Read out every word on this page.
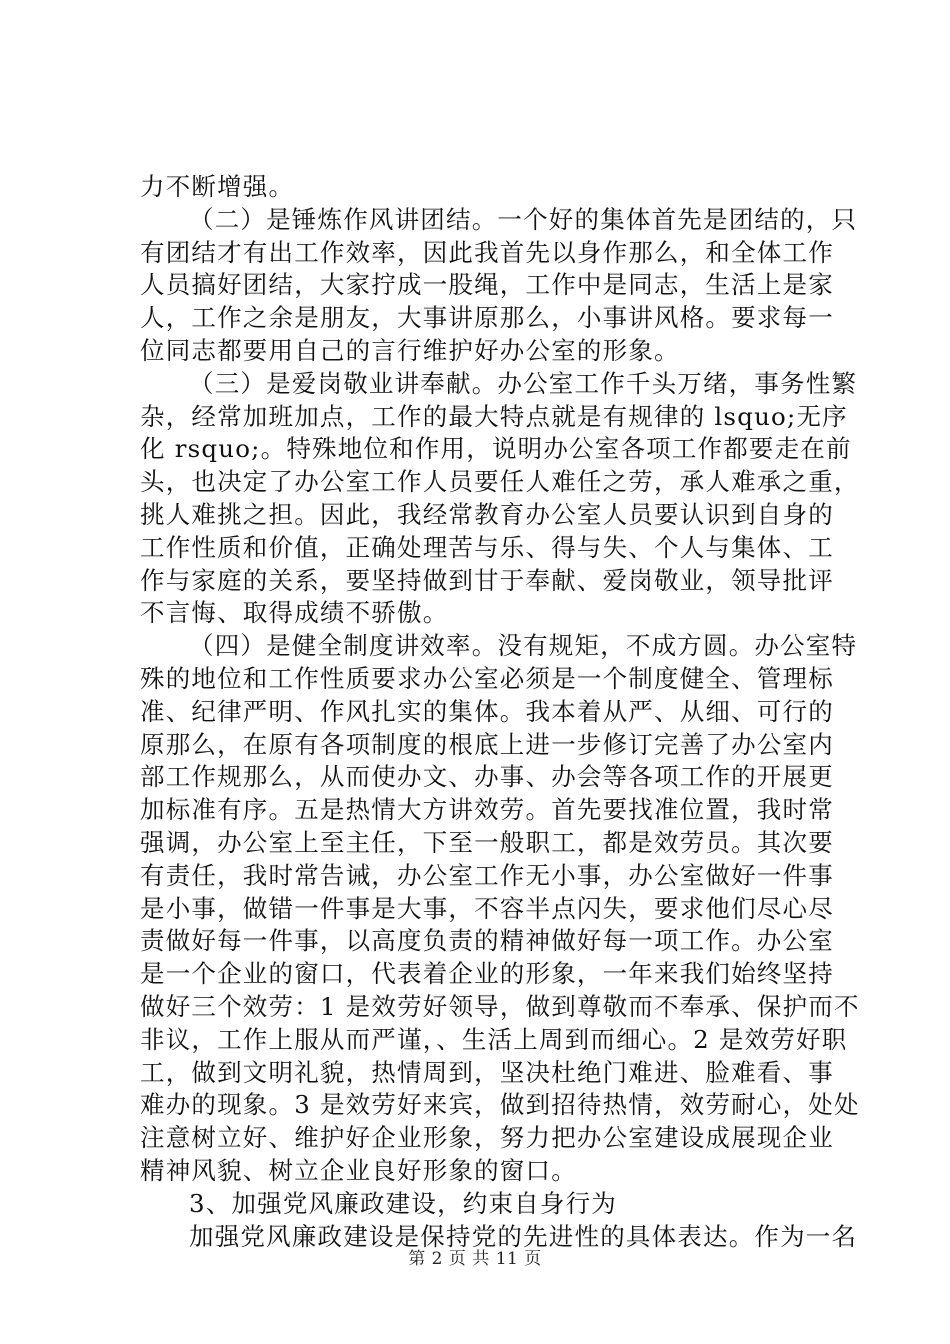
力不断增强。
（二）是锤炼作风讲团结。一个好的集体首先是团结的，只
有团结才有出工作效率，因此我首先以身作那么，和全体工作
人员搞好团结，大家拧成一股绳，工作中是同志，生活上是家
人，工作之余是朋友，大事讲原那么，小事讲风格。要求每一
位同志都要用自己的言行维护好办公室的形象。
（三）是爱岗敬业讲奉献。办公室工作千头万绪，事务性繁
杂，经常加班加点，工作的最大特点就是有规律的 lsquo;无序
化 rsquo;。特殊地位和作用，说明办公室各项工作都要走在前
头，也决定了办公室工作人员要任人难任之劳，承人难承之重，
挑人难挑之担。因此，我经常教育办公室人员要认识到自身的
工作性质和价值，正确处理苦与乐、得与失、个人与集体、工
作与家庭的关系，要坚持做到甘于奉献、爱岗敬业，领导批评
不言悔、取得成绩不骄傲。
（四）是健全制度讲效率。没有规矩，不成方圆。办公室特
殊的地位和工作性质要求办公室必须是一个制度健全、管理标
准、纪律严明、作风扎实的集体。我本着从严、从细、可行的
原那么，在原有各项制度的根底上进一步修订完善了办公室内
部工作规那么，从而使办文、办事、办会等各项工作的开展更
加标准有序。五是热情大方讲效劳。首先要找准位置，我时常
强调，办公室上至主任，下至一般职工，都是效劳员。其次要
有责任，我时常告诫，办公室工作无小事，办公室做好一件事
是小事，做错一件事是大事，不容半点闪失，要求他们尽心尽
责做好每一件事，以高度负责的精神做好每一项工作。办公室
是一个企业的窗口，代表着企业的形象，一年来我们始终坚持
做好三个效劳：1 是效劳好领导，做到尊敬而不奉承、保护而不
非议，工作上服从而严谨，、生活上周到而细心。2 是效劳好职
工，做到文明礼貌，热情周到，坚决杜绝门难进、脸难看、事
难办的现象。3 是效劳好来宾，做到招待热情，效劳耐心，处处
注意树立好、维护好企业形象，努力把办公室建设成展现企业
精神风貌、树立企业良好形象的窗口。
3、加强党风廉政建设，约束自身行为
加强党风廉政建设是保持党的先进性的具体表达。作为一名
第 2 页 共 11 页
